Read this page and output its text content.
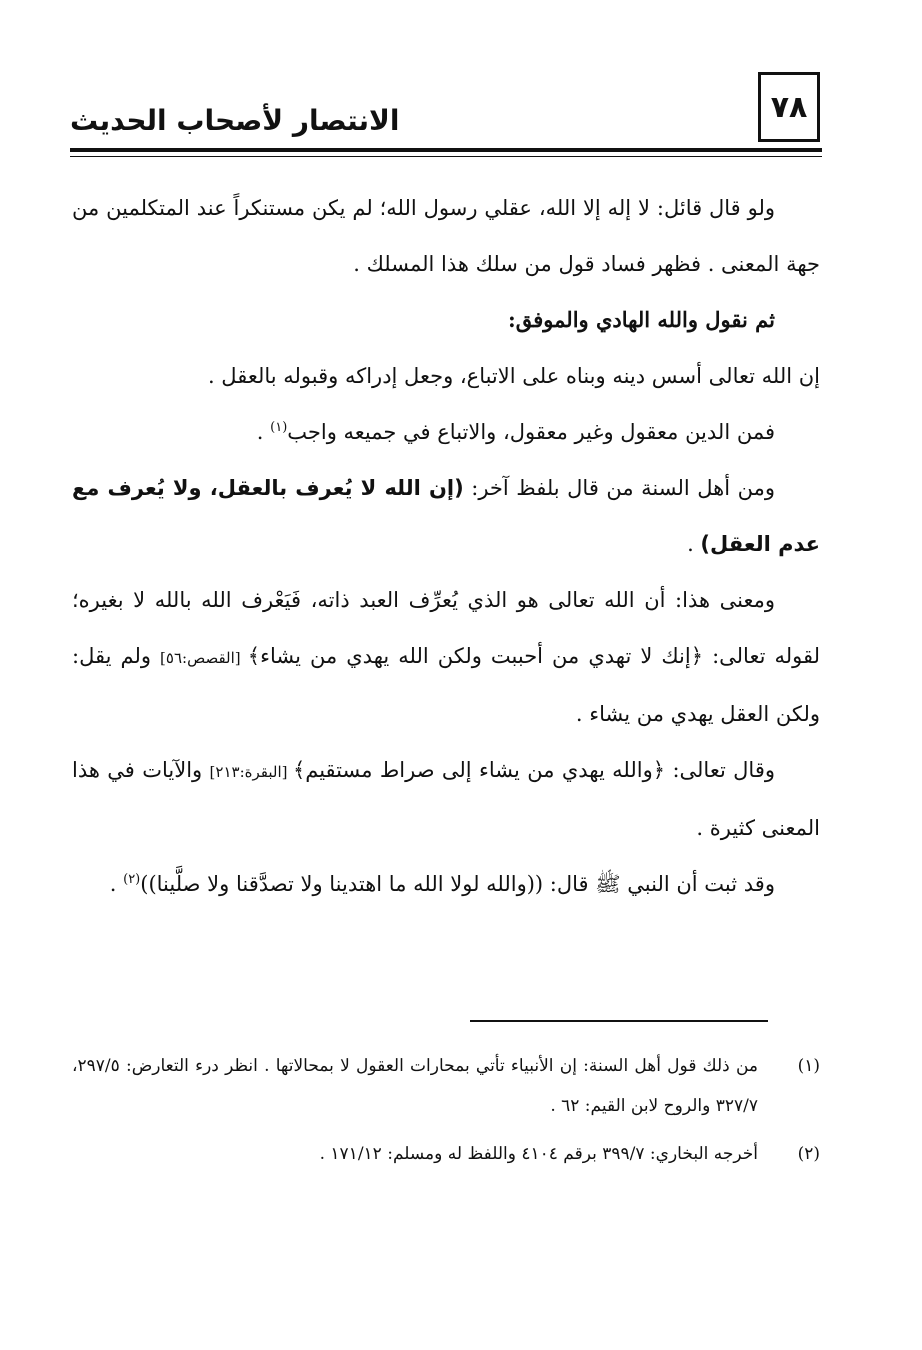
٧٨
الانتصار لأصحاب الحديث

ولو قال قائل: لا إله إلا الله، عقلي رسول الله؛ لم يكن مستنكراً عند المتكلمين من جهة المعنى . فظهر فساد قول من سلك هذا المسلك .

ثم نقول والله الهادي والموفق:

إن الله تعالى أسس دينه وبناه على الاتباع، وجعل إدراكه وقبوله بالعقل .

فمن الدين معقول وغير معقول، والاتباع في جميعه واجب$^{(١)}$ .

ومن أهل السنة من قال بلفظ آخر: (إن الله لا يُعرف بالعقل، ولا يُعرف مع عدم العقل) .

ومعنى هذا: أن الله تعالى هو الذي يُعرِّف العبد ذاته، فَيَعْرف الله بالله لا بغيره؛ لقوله تعالى: ﴿إنك لا تهدي من أحببت ولكن الله يهدي من يشاء﴾ [القصص:٥٦] ولم يقل: ولكن العقل يهدي من يشاء .

وقال تعالى: ﴿والله يهدي من يشاء إلى صراط مستقيم﴾ [البقرة:٢١٣] والآيات في هذا المعنى كثيرة .

وقد ثبت أن النبي ﷺ قال: ((والله لولا الله ما اهتدينا ولا تصدَّقنا ولا صلَّينا))$^{(٢)}$ .

(١)
من ذلك قول أهل السنة: إن الأنبياء تأتي بمحارات العقول لا بمحالاتها . انظر درء التعارض: ٢٩٧/٥، ٣٢٧/٧ والروح لابن القيم: ٦٢ .
(٢)
أخرجه البخاري: ٣٩٩/٧ برقم ٤١٠٤ واللفظ له ومسلم: ١٧١/١٢ .
